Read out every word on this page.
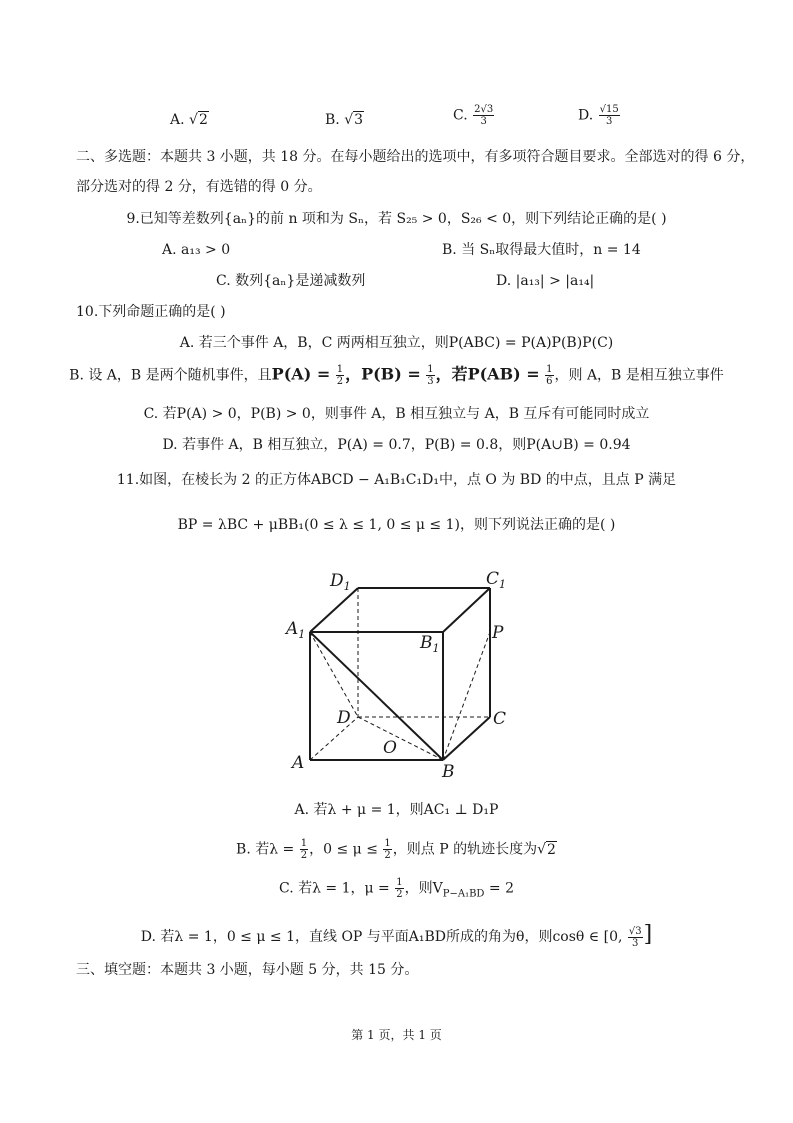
A. √2	B. √3	C. $\frac{2√3}{3}$	D. $\frac{√15}{3}$
二、多选题：本题共 3 小题，共 18 分。在每小题给出的选项中，有多项符合题目要求。全部选对的得 6 分，
部分选对的得 2 分，有选错的得 0 分。
9.已知等差数列{aₙ}的前 n 项和为 Sₙ，若 S₂₅ > 0，S₂₆ < 0，则下列结论正确的是( )
A. a₁₃ > 0	B. 当 Sₙ取得最大值时，n = 14
C. 数列{aₙ}是递减数列	D. |a₁₃| > |a₁₄|
10.下列命题正确的是( )
A. 若三个事件 A，B，C 两两相互独立，则P(ABC) = P(A)P(B)P(C)
B. 设 A，B 是两个随机事件，且$P(A) = \frac{1}{2}$ ，$P(B) = \frac{1}{3}$ ，若$P(AB) = \frac{1}{6}$ ，则 A，B 是相互独立事件
C. 若P(A) > 0，P(B) > 0，则事件 A，B 相互独立与 A，B 互斥有可能同时成立
D. 若事件 A，B 相互独立，P(A) = 0.7，P(B) = 0.8，则P(A∪B) = 0.94
11.如图，在棱长为 2 的正方体ABCD − A₁B₁C₁D₁中，点 O 为 BD 的中点，且点 P 满足
BP = λBC + μBB₁(0 ≤ λ ≤ 1, 0 ≤ μ ≤ 1)，则下列说法正确的是( )
$D_1$	$C_1$
$A_1$	$B_1$
P
D	C
O
A	B
A. 若λ + μ = 1，则AC₁ ⊥ D₁P
B. 若$\lambda = \frac{1}{2}$ ，$0 \le \mu \le \frac{1}{2}$ ，则点 P 的轨迹长度为√2
C. 若λ = 1，$\mu = \frac{1}{2}$ ，则$V_{P-A_1BD} = 2$
D. 若λ = 1，0 ≤ μ ≤ 1，直线 OP 与平面A₁BD所成的角为θ，则cosθ ∈ [0, $\frac{√3}{3}$ ]
三、填空题：本题共 3 小题，每小题 5 分，共 15 分。
第 1 页，共 1 页
